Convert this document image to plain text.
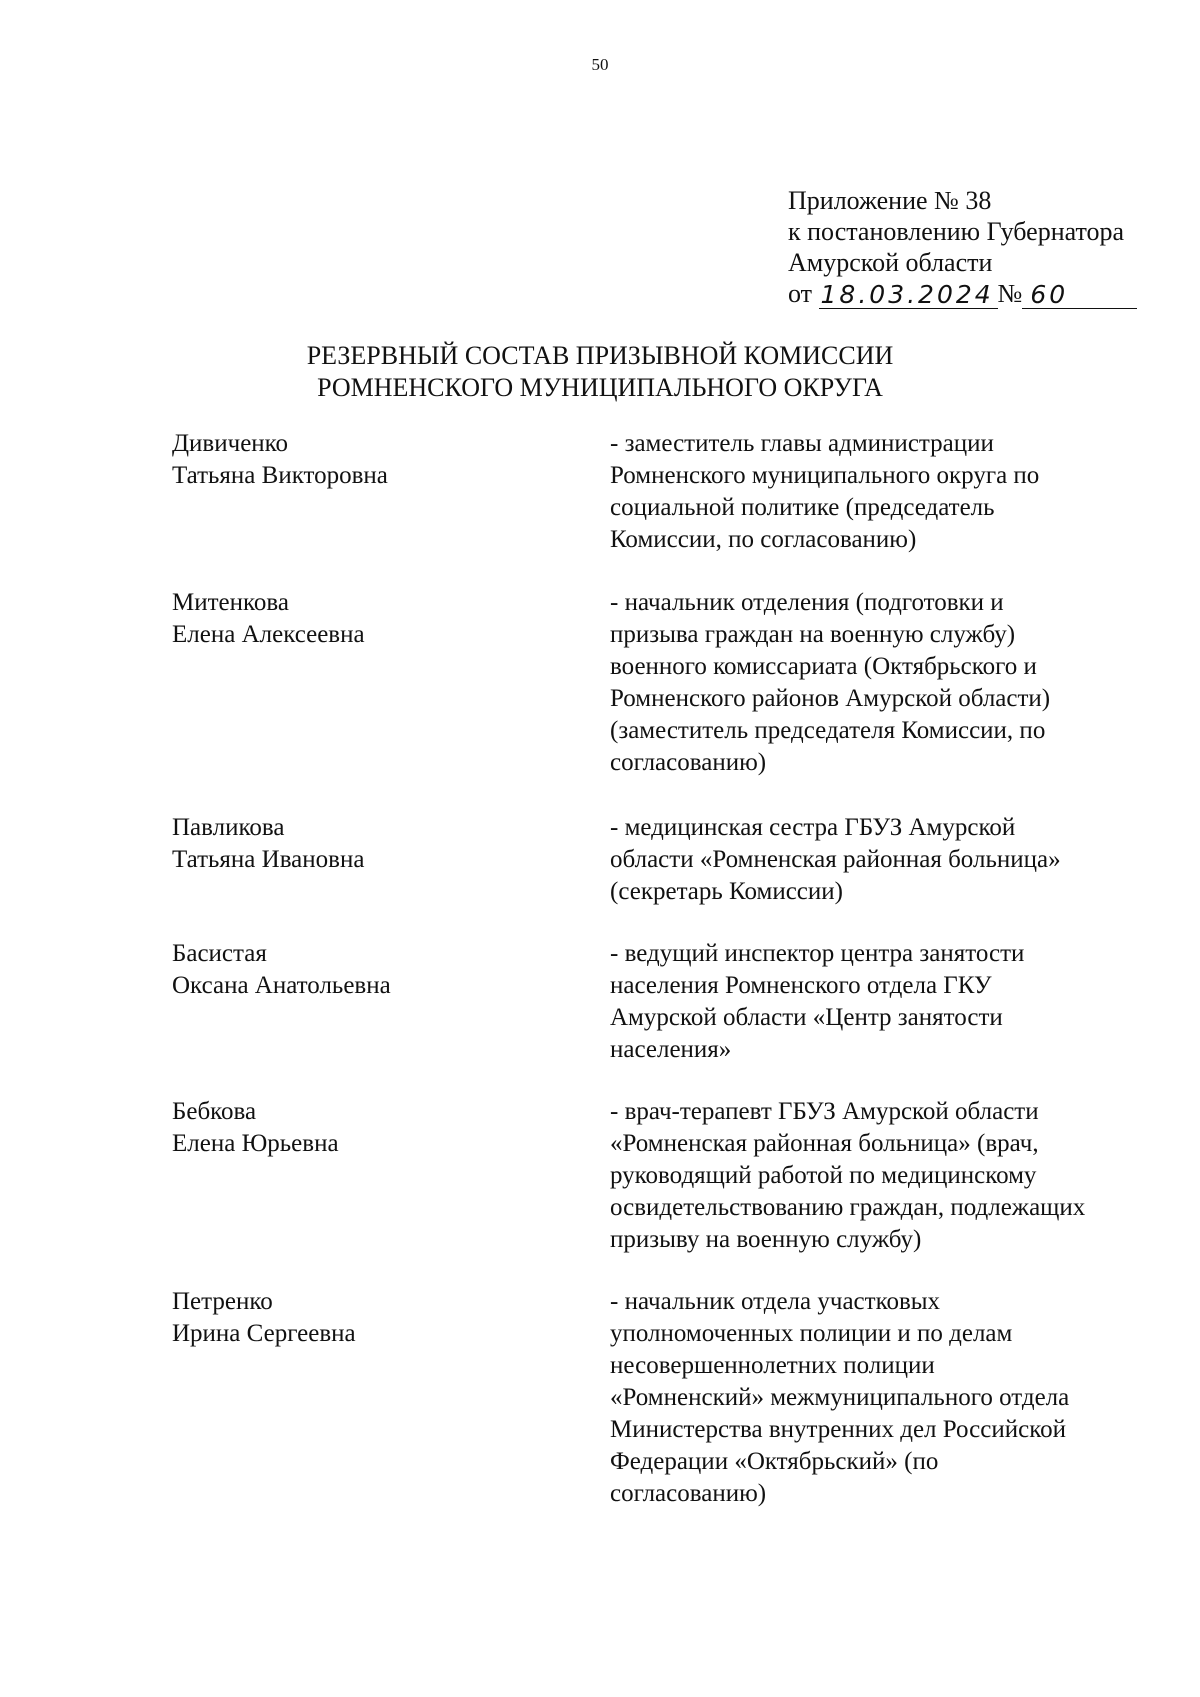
50
Приложение № 38
к постановлению Губернатора
Амурской области
от
18.03.2024 № 60
РЕЗЕРВНЫЙ СОСТАВ ПРИЗЫВНОЙ КОМИССИИ
РОМНЕНСКОГО МУНИЦИПАЛЬНОГО ОКРУГА
Дивиченко
Татьяна Викторовна
- заместитель главы администрации
Ромненского муниципального округа по
социальной политике (председатель
Комиссии, по согласованию)
Митенкова
Елена Алексеевна
- начальник отделения (подготовки и
призыва граждан на военную службу)
военного комиссариата (Октябрьского и
Ромненского районов Амурской области)
(заместитель председателя Комиссии, по
согласованию)
Павликова
Татьяна Ивановна
- медицинская сестра ГБУЗ Амурской
области «Ромненская районная больница»
(секретарь Комиссии)
Басистая
Оксана Анатольевна
- ведущий инспектор центра занятости
населения Ромненского отдела ГКУ
Амурской области «Центр занятости
населения»
Бебкова
Елена Юрьевна
- врач-терапевт ГБУЗ Амурской области
«Ромненская районная больница» (врач,
руководящий работой по медицинскому
освидетельствованию граждан, подлежащих
призыву на военную службу)
Петренко
Ирина Сергеевна
- начальник отдела участковых
уполномоченных полиции и по делам
несовершеннолетних полиции
«Ромненский» межмуниципального отдела
Министерства внутренних дел Российской
Федерации «Октябрьский» (по
согласованию)
